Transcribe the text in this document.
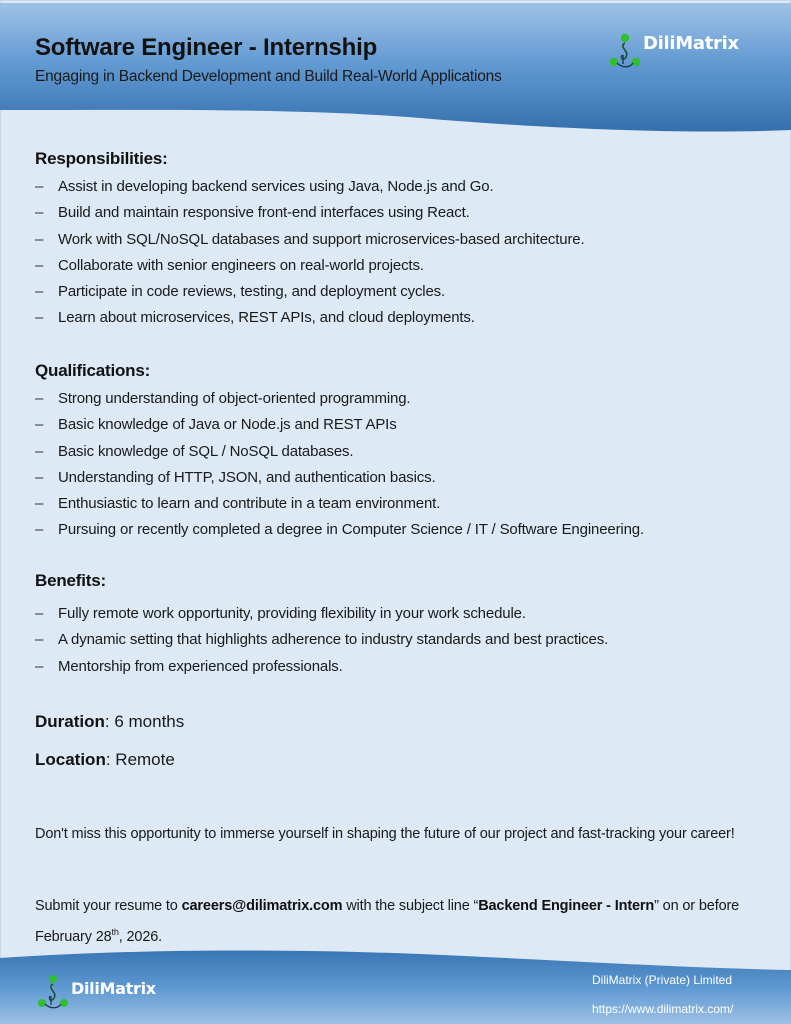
Software Engineer - Internship

Engaging in Backend Development and Build Real-World Applications

DiliMatrix
Responsibilities:
– Assist in developing backend services using Java, Node.js and Go.
– Build and maintain responsive front-end interfaces using React.
– Work with SQL/NoSQL databases and support microservices-based architecture.
– Collaborate with senior engineers on real-world projects.
– Participate in code reviews, testing, and deployment cycles.
– Learn about microservices, REST APIs, and cloud deployments.
Qualifications:
– Strong understanding of object-oriented programming.
– Basic knowledge of Java or Node.js and REST APIs
– Basic knowledge of SQL / NoSQL databases.
– Understanding of HTTP, JSON, and authentication basics.
– Enthusiastic to learn and contribute in a team environment.
– Pursuing or recently completed a degree in Computer Science / IT / Software Engineering.
Benefits:
– Fully remote work opportunity, providing flexibility in your work schedule.
– A dynamic setting that highlights adherence to industry standards and best practices.
– Mentorship from experienced professionals.
Duration: 6 months
Location: Remote

Don't miss this opportunity to immerse yourself in shaping the future of our project and fast-tracking your career!

Submit your resume to careers@dilimatrix.com with the subject line “Backend Engineer - Intern” on or before February 28th, 2026.

DiliMatrix (Private) Limited
https://www.dilimatrix.com/
DiliMatrix
